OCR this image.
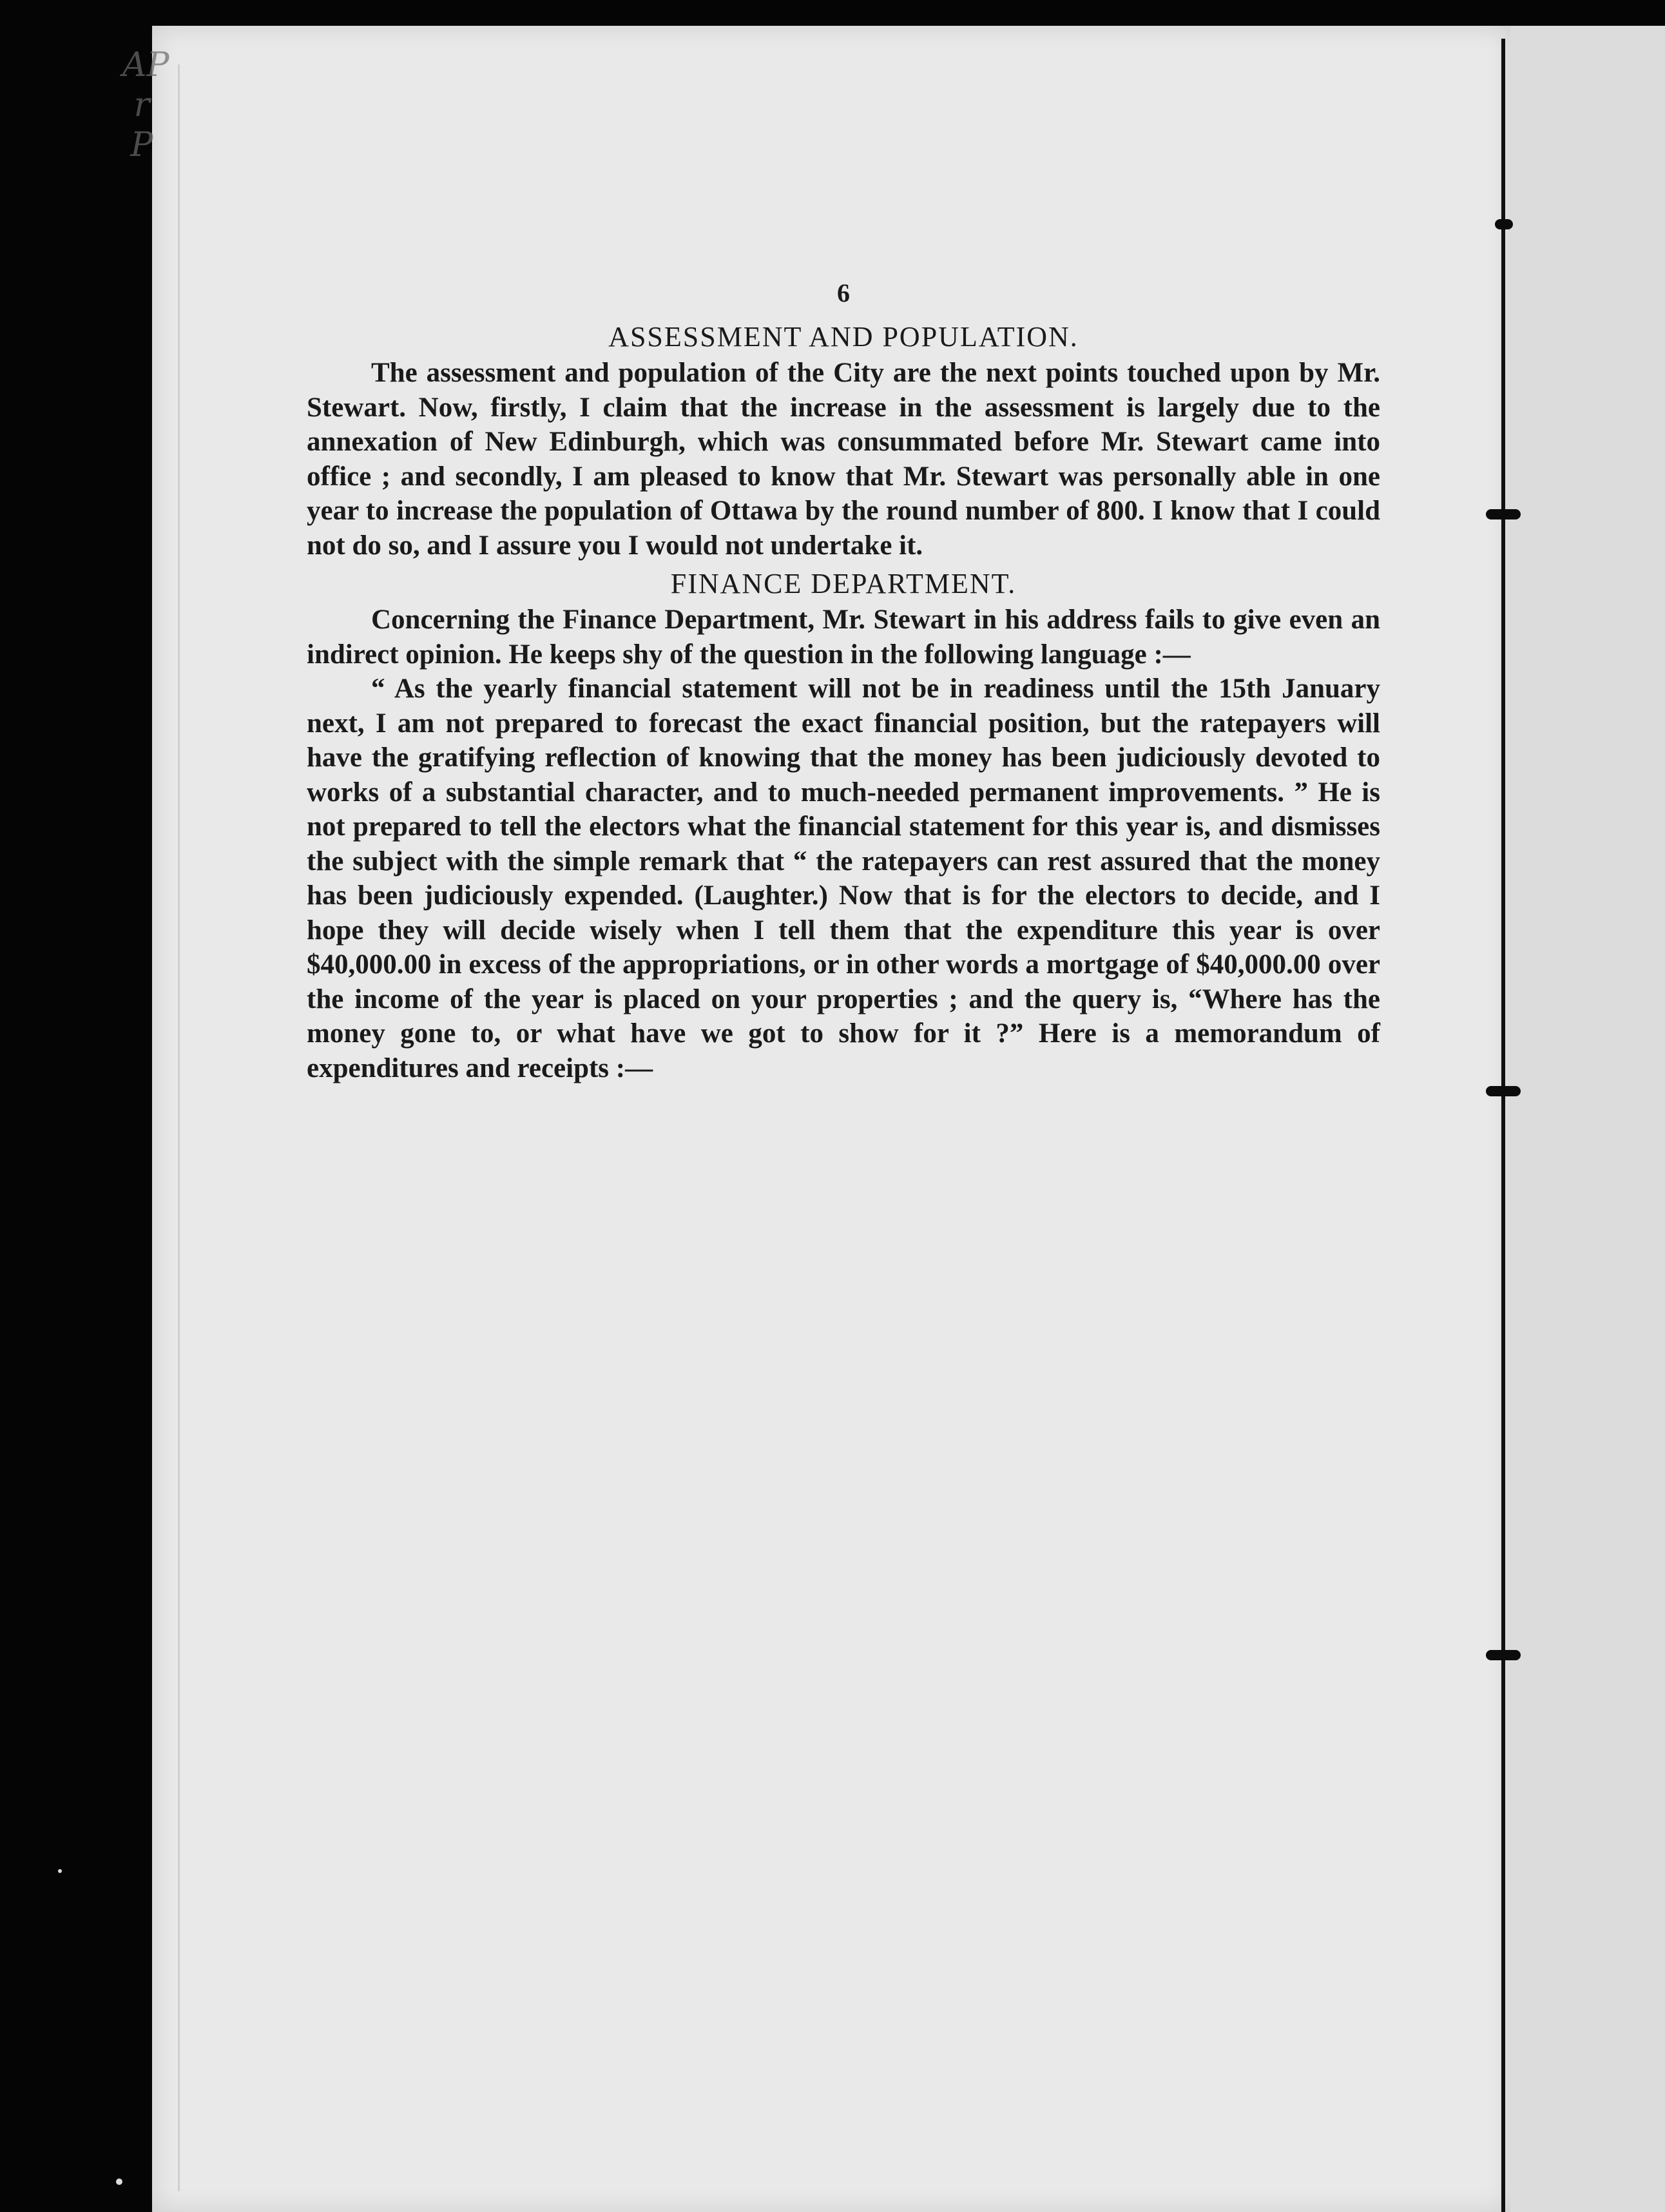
AP r P
6
ASSESSMENT AND POPULATION.

The assessment and population of the City are the next points touched upon by Mr. Stewart. Now, firstly, I claim that the increase in the assessment is largely due to the annexation of New Edinburgh, which was consummated before Mr. Stewart came into office ; and secondly, I am pleased to know that Mr. Stewart was personally able in one year to increase the population of Ottawa by the round number of 800. I know that I could not do so, and I assure you I would not undertake it.

FINANCE DEPARTMENT.

Concerning the Finance Department, Mr. Stewart in his address fails to give even an indirect opinion. He keeps shy of the question in the following language :—

“ As the yearly financial statement will not be in readiness until the 15th January next, I am not prepared to forecast the exact financial position, but the ratepayers will have the gratifying reflection of knowing that the money has been judiciously devoted to works of a substantial character, and to much-needed permanent improvements. ” He is not prepared to tell the electors what the financial statement for this year is, and dismisses the subject with the simple remark that “ the ratepayers can rest assured that the money has been judiciously expended. (Laughter.) Now that is for the electors to decide, and I hope they will decide wisely when I tell them that the expenditure this year is over $40,000.00 in excess of the appropriations, or in other words a mortgage of $40,000.00 over the income of the year is placed on your properties ; and the query is, “Where has the money gone to, or what have we got to show for it ?” Here is a memorandum of expenditures and receipts :—
